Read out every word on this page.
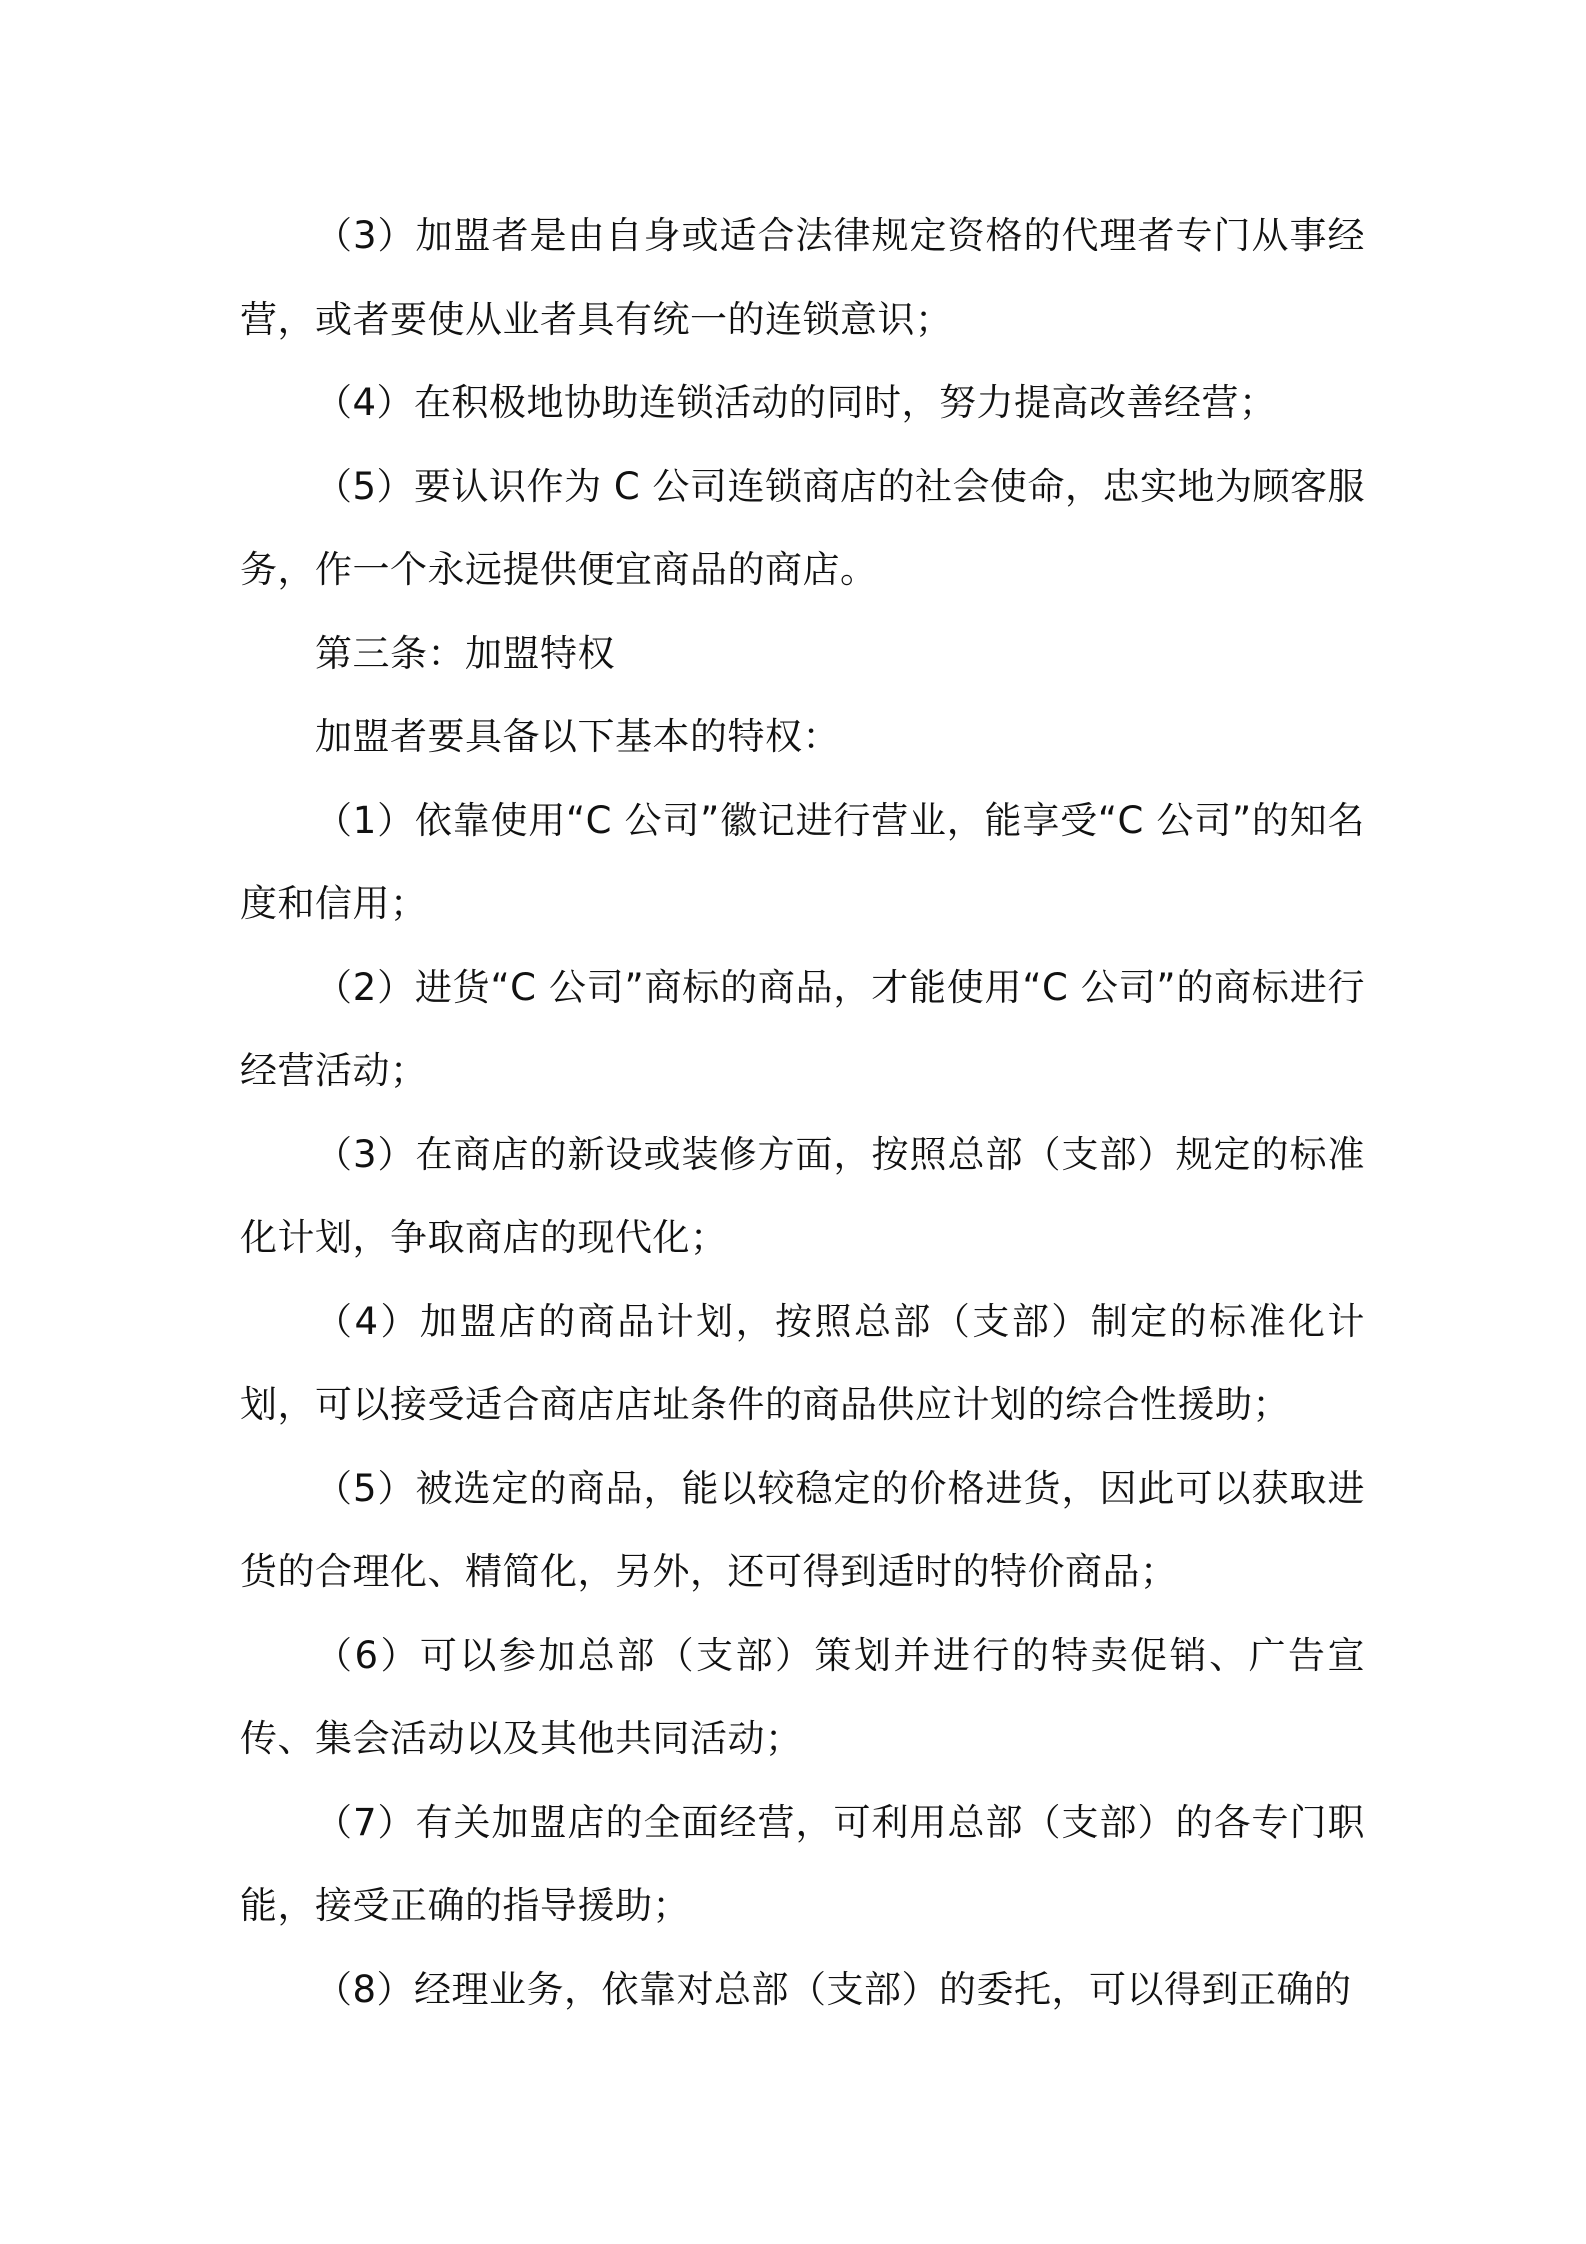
（3）加盟者是由自身或适合法律规定资格的代理者专门从事经营，或者要使从业者具有统一的连锁意识；

（4）在积极地协助连锁活动的同时，努力提高改善经营；

（5）要认识作为 C 公司连锁商店的社会使命，忠实地为顾客服务，作一个永远提供便宜商品的商店。

第三条：加盟特权

加盟者要具备以下基本的特权：

（1）依靠使用“C 公司”徽记进行营业，能享受“C 公司”的知名度和信用；

（2）进货“C 公司”商标的商品，才能使用“C 公司”的商标进行经营活动；

（3）在商店的新设或装修方面，按照总部（支部）规定的标准化计划，争取商店的现代化；

（4）加盟店的商品计划，按照总部（支部）制定的标准化计划，可以接受适合商店店址条件的商品供应计划的综合性援助；

（5）被选定的商品，能以较稳定的价格进货，因此可以获取进货的合理化、精简化，另外，还可得到适时的特价商品；

（6）可以参加总部（支部）策划并进行的特卖促销、广告宣传、集会活动以及其他共同活动；

（7）有关加盟店的全面经营，可利用总部（支部）的各专门职能，接受正确的指导援助；

（8）经理业务，依靠对总部（支部）的委托，可以得到正确的
